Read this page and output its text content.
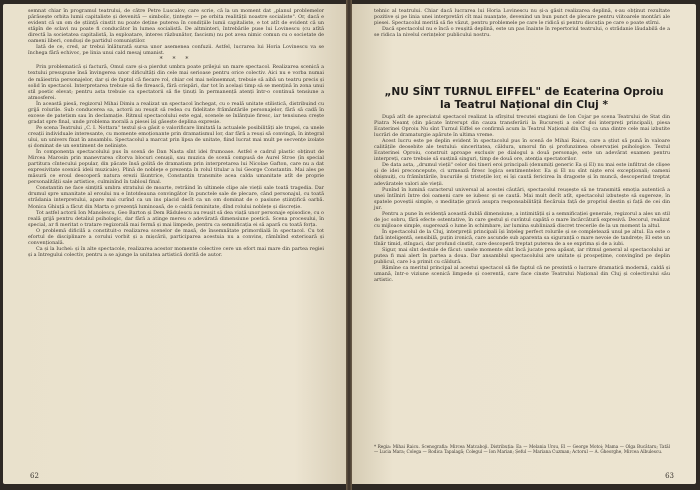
semnat chiar în programul teatrului, de către Petre Luscalov, care scrie, că la un moment dat „planul problemelor părăsește orbita lumii capitaliste și devenită — simbolic, ținteşte — pe orbita realității noastre socialiste". Or, dacă e evident că un om de știință cinstit nu poate deține puterea în condițiile lumii capitaliste, e tot atît de evident că un stăpîn de sclavi nu poate fi conducător în lumea socialistă. De altminteri, întrebările puse lui Lovinescu (cu atîtă directă la societatea capitalistă, la exploatare, interes răzbunător, fascism) nu pot avea nimic comun cu o societate de oameni liberi, conduși de partidul comuniștilor.

Iată de ce, cred, ar trebui înlăturată sursa unor asemenea confuzii. Astfel, lucrarea lui Horia Lovinescu va se închega fără echivoc, pe linia unui cald mesaj umanist.

* * *

Prin problematică și factură, Omul care și-a pierdut umbra poate prilejui un mare spectacol. Realizarea scenică a textului presupune însă învingerea unor dificultăți din cele mai serioase pentru orice colectiv. Aici nu e vorba numai de măiestria personajelor, dar și de faptul că fiecare rol, chiar cel mai neînsemnat, trebuie să aibă un teatru precis și solid în spectacol. Interpretarea trebuie să fie firească, fără crispări, dar tot în același timp să se mențină în zona unui stil poetic elevat; pentru asta trebuie ca spectatorii să fie ținuți în permanență atenți într-o continuă tensiune a atmosferei.

În această piesă, regizorul Mihai Dimiu a realizat un spectacol închegat, cu o reală unitate stilistică, distribuind cu grijă rolurile. Sub conducerea sa, actorii au reușit să redea cu fidelitate frământările personajelor, fără să cadă în excese de patetism sau în declamație. Ritmul spectacolului este egal, scenele se înlănțuie firesc, iar tensiunea crește gradat spre final, unde problema morală a piesei își găsește deplina expresie.

Pe scena Teatrului „C. I. Nottara" textul și-a găsit o valorificare limitată la actualele posibilități ale trupei, ca unele creații individuale interesante, cu momente emoționante prin dramatismul lor, dar fără a reuși să convingă, în integral ului, un univers fixat în ansamblu. Spectacolul a marcat prin lipsa de unitate, fiind lucrat mai mult pe secvențe izolate și dominat de un sentiment de neliniște.

În componența spectacolului pus în scenă de Dan Nasta sînt idei frumoase. Astfel e cadrul plastic obținut de Mircea Marosin prin manevrarea cîtorva blocuri cenușii, sau muzica de scenă compusă de Aurel Stroe (în special partitura cîntecului popular, din păcate însă golită de dramatism prin interpretarea lui Nicolae Gafton, care nu a dat expresivitate scenică ideii muzicale). Plină de nobleţe e prezența în rolul titular a lui George Constantin. Mai ales pe măsură ce eroul descoperă natura erezii lăuntrice, Constantin transmite acea calda umanitate atît de proprie personalității sale artistice, culminînd în tabloul final.

Constantin ne face simțită umbra stratului de moarte, retrăind în ultimele clipe ale vieții sale toată tragedia. Dar drumul spre umanitate al eroului nu e întotdeauna convingător în punctele sale de plecare, când personajul, cu toată strădania interpretului, apare mai curînd ca un ins placid decît ca un om dominat de o pasiune științifică oarbă. Monica Ghiuță a făcut din Marta o prezență luminoasă, de o caldă feminitate, dînd rolului noblețe și discreție.

Tot astfel actorii Ion Manolescu, Geo Barton și Dem Rădulescu au reușit să dea viață unor personaje episodice, cu o reală grijă pentru detaliul psihologic, dar fără a atinge mereu o adevărată dimensiune poetică. Scena procesului, în special, ar fi meritat o tratare regizorală mai fermă și mai limpede, pentru ca semnificația ei să apară cu toată forța.

O problemă dificilă a constituit-o realizarea scenelor de masă, de însemnătate primordială în spectacol. Cu tot efortul de disciplinare a corului vorbit și a mișcării, participarea acestuia nu a convins, rămînînd exterioară și convențională.

Ca și la Iuchei: și în alte spectacole, realizarea acestor momente colective cere un efort mai mare din partea regiei și a întregului colectiv, pentru a se ajunge la unitatea artistică dorită de autor.

62

tehnic al teatrului. Chiar dacă lucrarea lui Horia Lovinescu nu și-a găsit realizarea deplină, s-au obținut rezultate pozitive și pe linia unei interpretări cît mai nuanțate, devenind un bun punct de plecare pentru viitoarele montări ale piesei. Spectacolul merită să fie văzut, pentru problemele pe care le ridică și pentru discuția pe care o poate stîrni.

Dacă spectacolul nu e încă o reușită deplină, este un pas înainte în repertoriul teatrului, o strădanie lăudabilă de a se ridica la nivelul cerințelor publicului nostru.

„NU SÎNT TURNUL EIFFEL" de Ecaterina Oproiu
la Teatrul Național din Cluj *

După atît de apreciatul spectacol realizat la sfîrșitul trecutei stagiuni de Ion Cojar pe scena Teatrului de Stat din Piatra Neamț (din păcate întrerupt din cauza transferării la București a celor doi interpreți principali), piesa Ecaterinei Oproiu Nu sînt Turnul Eiffel se confirmă acum la Teatrul Național din Cluj ca una dintre cele mai izbutite lucrări de dramaturgie apărute în ultima vreme.

Acest lucru este pe deplin evident în spectacolul pus în scenă de Mihai Raicu, care a știut să pună în valoare calitățile deosebite ale textului: sinceritatea, căldura, umorul fin și profunzimea observației psihologice. Textul Ecaterinei Oproiu, construit aproape exclusiv pe dialogul a două personaje, este un adevărat examen pentru interpreți, care trebuie să susțină singuri, timp de două ore, atenția spectatorilor.

De data asta, „drumul vieții" celor doi tineri eroi principali (denumiți generic Ea și El) nu mai este infiltrat de clișee și de idei preconcepute, ci urmează firesc logica sentimentelor. Ea și El nu sînt niște eroi excepționali; oameni obișnuiți, cu frămîntările, bucuriile și tristețile lor, ei își caută fericirea în dragoste și în muncă, descoperind treptat adevăratele valori ale vieții.

Punînd în lumină caracterul universal al acestei căutări, spectacolul reușește să ne transmită emoția autentică a unei întîlniri între doi oameni care se iubesc și se caută. Mai mult decît atît, spectacolul izbutește să sugereze, în spatele poveștii simple, o meditație gravă asupra responsabilității fiecăruia față de propriul destin și față de cei din jur.

Pentru a pune în evidență această dublă dimensiune, a intimității și a semnificației generale, regizorul a ales un stil de joc sobru, fără efecte ostentative, în care gestul și cuvîntul capătă o mare încărcătură expresivă. Decorul, realizat cu mijloace simple, sugerează o lume în schimbare, iar lumina subliniază discret trecerile de la un moment la altul.

În spectacolul de la Cluj, interpreții principali își înțeleg perfect rolurile și se completează unul pe altul. Ea este o fată inteligentă, sensibilă, puțin ironică, care ascunde sub aparenta sa siguranță o mare nevoie de tandrețe; El este un tînăr timid, stîngaci, dar profund cinstit, care descoperă treptat puterea de a se exprima și de a iubi.

Sigur, mai sînt destule de făcut: unele momente sînt încă jucate prea apăsat, iar ritmul general al spectacolului ar putea fi mai alert în partea a doua. Dar ansamblul spectacolului are unitate și prospețime, convingînd pe deplin publicul, care l-a primit cu căldură.

Rămîne ca meritul principal al acestui spectacol să fie faptul că ne prezintă o lucrare dramatică modernă, caldă și umană, într-o viziune scenică limpede și coerentă, care face cinste Teatrului Național din Cluj și colectivului său artistic.

* Regia: Mihai Raicu. Scenografia: Mircea Matcaboji. Distribuția: Ea — Melania Ursu, El — George Motoi; Mama — Olga Bucătaru; Tatăl — Lucia Mara; Colega — Rodica Tapalagă; Colegul — Ion Marian; Șeful — Mariana Cuzman; Actorul — A. Gheorghe, Mircea Albulescu.
63
